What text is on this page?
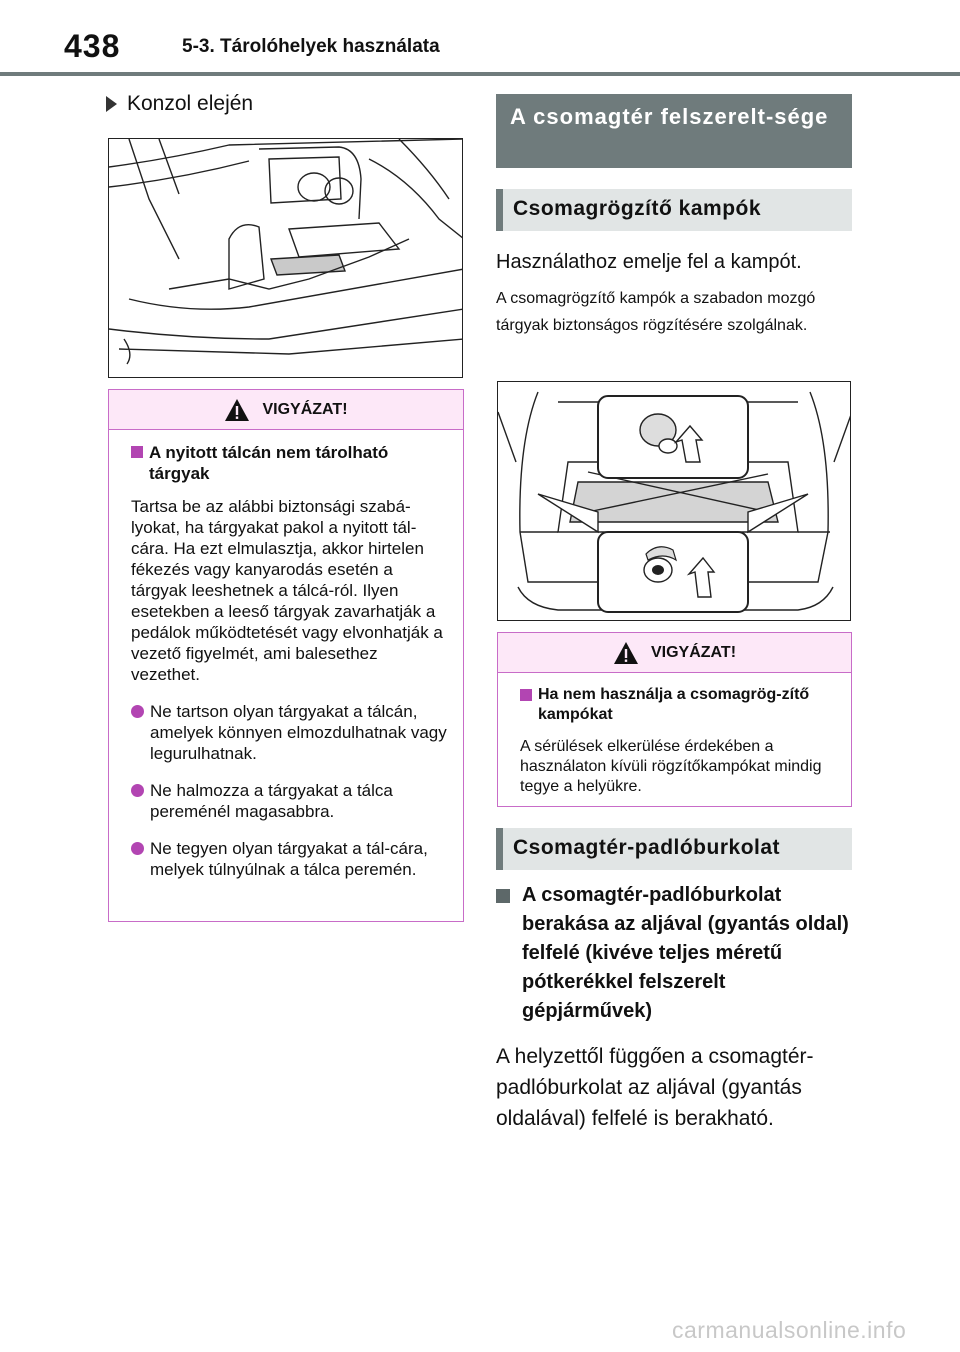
438	5-3. Tárolóhelyek használata
Konzol elején
VIGYÁZAT!
A nyitott tálcán nem tárolható tárgyak
Tartsa be az alábbi biztonsági szabá-lyokat, ha tárgyakat pakol a nyitott tál-cára. Ha ezt elmulasztja, akkor hirtelen fékezés vagy kanyarodás esetén a tárgyak leeshetnek a tálcá-ról. Ilyen esetekben a leeső tárgyak zavarhatják a pedálok működtetését vagy elvonhatják a vezető figyelmét, ami balesethez vezethet.
Ne tartson olyan tárgyakat a tálcán, amelyek könnyen elmozdulhatnak vagy legurulhatnak.
Ne halmozza a tárgyakat a tálca pereménél magasabbra.
Ne tegyen olyan tárgyakat a tál-cára, melyek túlnyúlnak a tálca peremén.
A csomagtér felszerelt-sége
Csomagrögzítő kampók
Használathoz emelje fel a kampót.
A csomagrögzítő kampók a szabadon mozgó tárgyak biztonságos rögzítésére szolgálnak.
VIGYÁZAT!
Ha nem használja a csomagrög-zítő kampókat
A sérülések elkerülése érdekében a használaton kívüli rögzítőkampókat mindig tegye a helyükre.
Csomagtér-padlóburkolat
A csomagtér-padlóburkolat berakása az aljával (gyantás oldal) felfelé (kivéve teljes méretű pótkerékkel felszerelt gépjárművek)
A helyzettől függően a csomagtér-padlóburkolat az aljával (gyantás oldalával) felfelé is berakható.
carmanualsonline.info
